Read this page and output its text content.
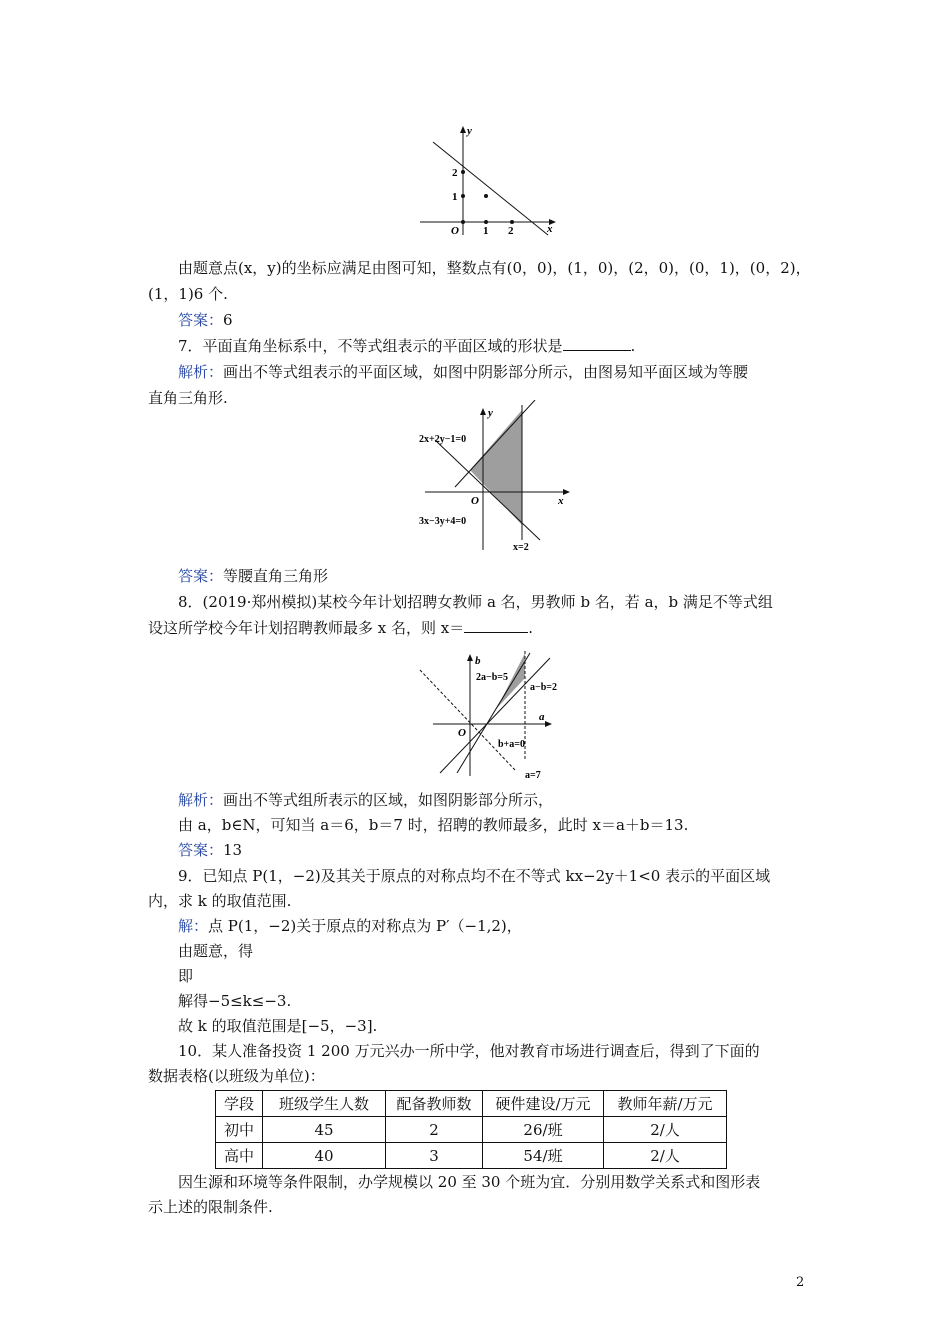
y
x
O 1 2
1
2
由题意点(x，y)的坐标应满足由图可知，整数点有(0，0)，(1，0)，(2，0)，(0，1)，(0，2)，
(1，1)6 个.
答案：6
7．平面直角坐标系中，不等式组表示的平面区域的形状是	.
解析：画出不等式组表示的平面区域，如图中阴影部分所示，由图易知平面区域为等腰
直角三角形.
2x+2y−1=0
3x−3y+4=0
x=2
y
x
O
答案：等腰直角三角形
8．(2019·郑州模拟)某校今年计划招聘女教师 a 名，男教师 b 名，若 a，b 满足不等式组
设这所学校今年计划招聘教师最多 x 名，则 x＝	.
2a−b=5
a−b=2
b+a=0
a=7
b
a
O
解析：画出不等式组所表示的区域，如图阴影部分所示，
由 a，b∈N，可知当 a＝6，b＝7 时，招聘的教师最多，此时 x＝a＋b＝13.
答案：13
9．已知点 P(1，−2)及其关于原点的对称点均不在不等式 kx−2y＋1<0 表示的平面区域
内，求 k 的取值范围.
解：点 P(1，−2)关于原点的对称点为 P′（−1,2)，
由题意，得
即
解得−5≤k≤−3.
故 k 的取值范围是[−5，−3].
10．某人准备投资 1 200 万元兴办一所中学，他对教育市场进行调查后，得到了下面的
数据表格(以班级为单位)：
学段	班级学生人数	配备教师数	硬件建设/万元	教师年薪/万元
初中	45	2	26/班	2/人
高中	40	3	54/班	2/人
因生源和环境等条件限制，办学规模以 20 至 30 个班为宜．分别用数学关系式和图形表
示上述的限制条件.
2
